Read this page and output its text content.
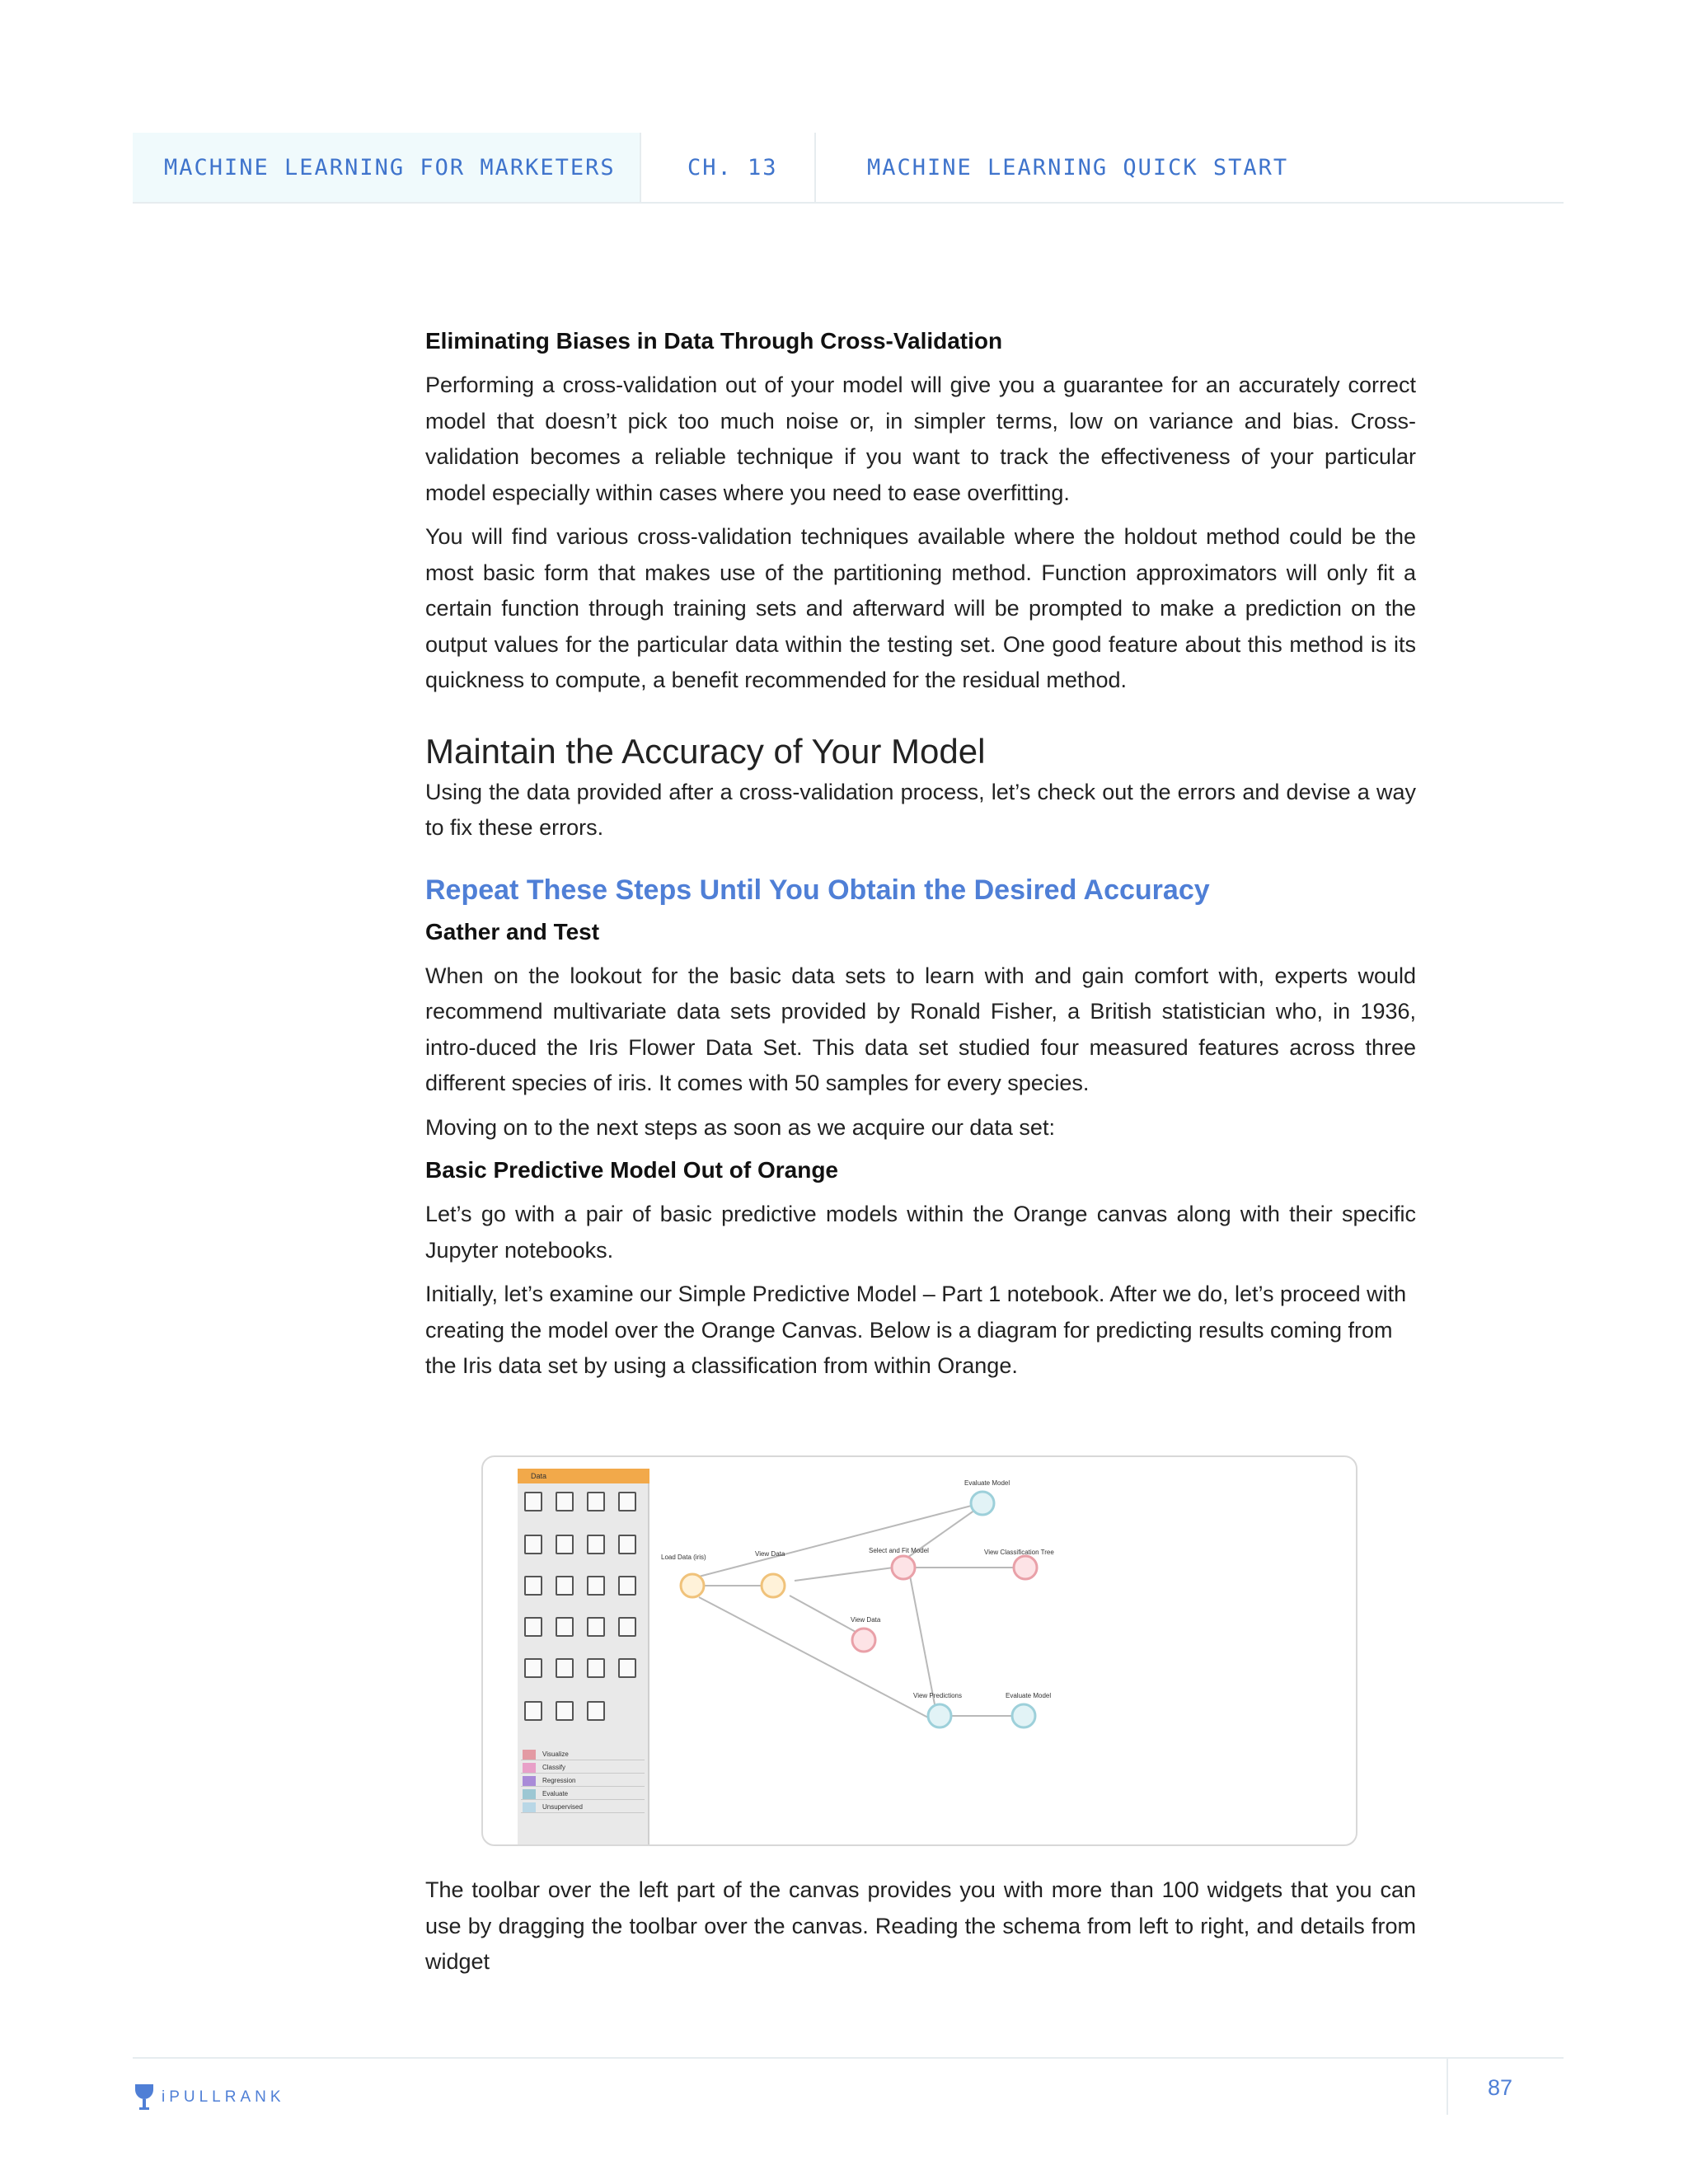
MACHINE LEARNING FOR MARKETERS	CH. 13	MACHINE LEARNING QUICK START
Eliminating Biases in Data Through Cross-Validation
Performing a cross-validation out of your model will give you a guarantee for an accurately correct model that doesn’t pick too much noise or, in simpler terms, low on variance and bias. Cross-validation becomes a reliable technique if you want to track the effectiveness of your particular model especially within cases where you need to ease overfitting.
You will find various cross-validation techniques available where the holdout method could be the most basic form that makes use of the partitioning method. Function approximators will only fit a certain function through training sets and afterward will be prompted to make a prediction on the output values for the particular data within the testing set. One good feature about this method is its quickness to compute, a benefit recommended for the residual method.
Maintain the Accuracy of Your Model
Using the data provided after a cross-validation process, let’s check out the errors and devise a way to fix these errors.
Repeat These Steps Until You Obtain the Desired Accuracy
Gather and Test
When on the lookout for the basic data sets to learn with and gain comfort with, experts would recommend multivariate data sets provided by Ronald Fisher, a British statistician who, in 1936, intro-duced the Iris Flower Data Set. This data set studied four measured features across three different species of iris. It comes with 50 samples for every species.
Moving on to the next steps as soon as we acquire our data set:
Basic Predictive Model Out of Orange
Let’s go with a pair of basic predictive models within the Orange canvas along with their specific Jupyter notebooks.
Initially, let’s examine our Simple Predictive Model – Part 1 notebook. After we do, let’s proceed with creating the model over the Orange Canvas. Below is a diagram for predicting results coming from the Iris data set by using a classification from within Orange.
Data
Visualize
Classify
Regression
Evaluate
Unsupervised
Load Data (iris)	View Data	Select and Fit Model
Evaluate Model
View Classification Tree
View Data
View Predictions	Evaluate Model
The toolbar over the left part of the canvas provides you with more than 100 widgets that you can use by dragging the toolbar over the canvas. Reading the schema from left to right, and details from widget
iPULLRANK	87
